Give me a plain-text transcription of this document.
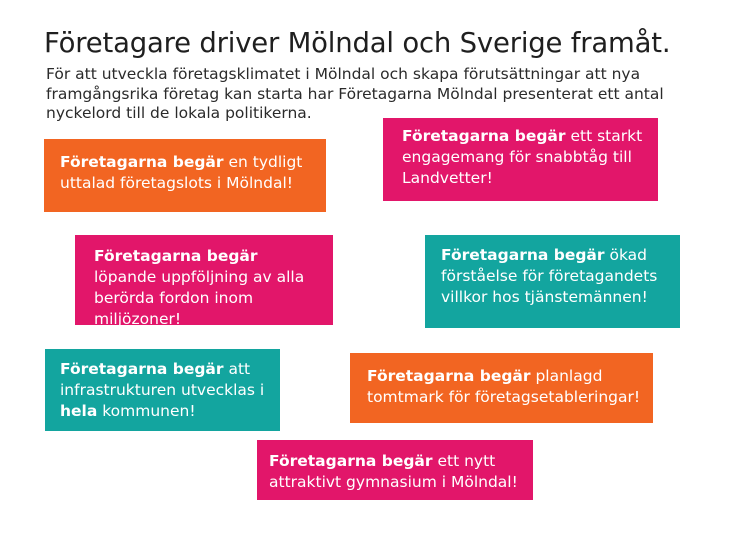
Företagare driver Mölndal och Sverige framåt.

För att utveckla företagsklimatet i Mölndal och skapa förutsättningar att nya framgångsrika företag kan starta har Företagarna Mölndal presenterat ett antal nyckelord till de lokala politikerna.

Företagarna begär en tydligt uttalad företagslots i Mölndal!
Företagarna begär ett starkt engagemang för snabbtåg till Landvetter!
Företagarna begär löpande uppföljning av alla berörda fordon inom miljözoner!
Företagarna begär ökad förståelse för företagandets villkor hos tjänstemännen!
Företagarna begär att infrastrukturen utvecklas i hela kommunen!
Företagarna begär planlagd tomtmark för företagsetableringar!
Företagarna begär ett nytt attraktivt gymnasium i Mölndal!
